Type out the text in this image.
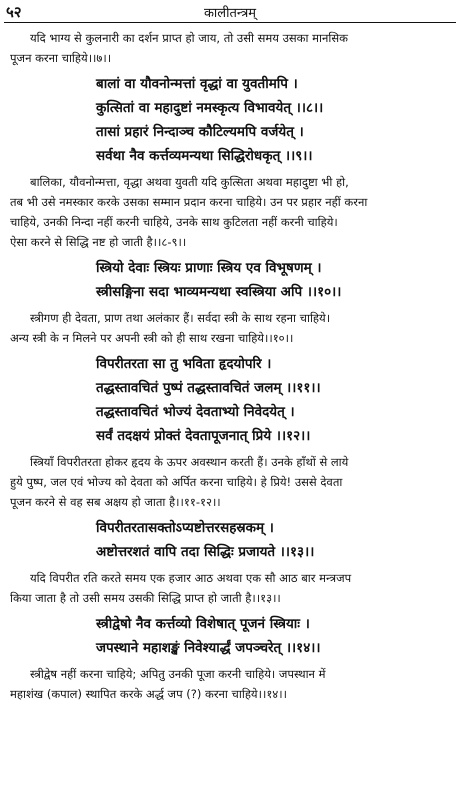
५२	कालीतन्त्रम्
यदि भाग्य से कुलनारी का दर्शन प्राप्त हो जाय, तो उसी समय उसका मानसिक
पूजन करना चाहिये।।७।।
बालां वा यौवनोन्मत्तां वृद्धां वा युवतीमपि ।
कुत्सितां वा महादुष्टां नमस्कृत्य विभावयेत् ।।८।।
तासां प्रहारं निन्दाञ्च कौटिल्यमपि वर्जयेत् ।
सर्वथा नैव कर्त्तव्यमन्यथा सिद्धिरोधकृत् ।।९।।
बालिका, यौवनोन्मत्ता, वृद्धा अथवा युवती यदि कुत्सिता अथवा महादुष्टा भी हो,
तब भी उसे नमस्कार करके उसका सम्मान प्रदान करना चाहिये। उन पर प्रहार नहीं करना
चाहिये, उनकी निन्दा नहीं करनी चाहिये, उनके साथ कुटिलता नहीं करनी चाहिये।
ऐसा करने से सिद्धि नष्ट हो जाती है।।८-९।।
स्त्रियो देवाः स्त्रियः प्राणाः स्त्रिय एव विभूषणम् ।
स्त्रीसङ्गिना सदा भाव्यमन्यथा स्वस्त्रिया अपि ।।१०।।
स्त्रीगण ही देवता, प्राण तथा अलंकार हैं। सर्वदा स्त्री के साथ रहना चाहिये।
अन्य स्त्री के न मिलने पर अपनी स्त्री को ही साथ रखना चाहिये।।१०।।
विपरीतरता सा तु भविता हृदयोपरि ।
तद्धस्तावचितं पुष्पं तद्धस्तावचितं जलम् ।।११।।
तद्धस्तावचितं भोज्यं देवताभ्यो निवेदयेत् ।
सर्वं तदक्षयं प्रोक्तं देवतापूजनात् प्रिये ।।१२।।
स्त्रियाँ विपरीतरता होकर हृदय के ऊपर अवस्थान करती हैं। उनके हाँथों से लाये
हुये पुष्प, जल एवं भोज्य को देवता को अर्पित करना चाहिये। हे प्रिये! उससे देवता
पूजन करने से वह सब अक्षय हो जाता है।।११-१२।।
विपरीतरतासक्तोऽप्यष्टोत्तरसहस्रकम् ।
अष्टोत्तरशतं वापि तदा सिद्धिः प्रजायते ।।१३।।
यदि विपरीत रति करते समय एक हजार आठ अथवा एक सौ आठ बार मन्त्रजप
किया जाता है तो उसी समय उसकी सिद्धि प्राप्त हो जाती है।।१३।।
स्त्रीद्वेषो नैव कर्त्तव्यो विशेषात् पूजनं स्त्रियाः ।
जपस्थाने महाशङ्खं निवेश्यार्द्धं जपञ्चरेत् ।।१४।।
स्त्रीद्वेष नहीं करना चाहिये; अपितु उनकी पूजा करनी चाहिये। जपस्थान में
महाशंख (कपाल) स्थापित करके अर्द्ध जप (?) करना चाहिये।।१४।।
